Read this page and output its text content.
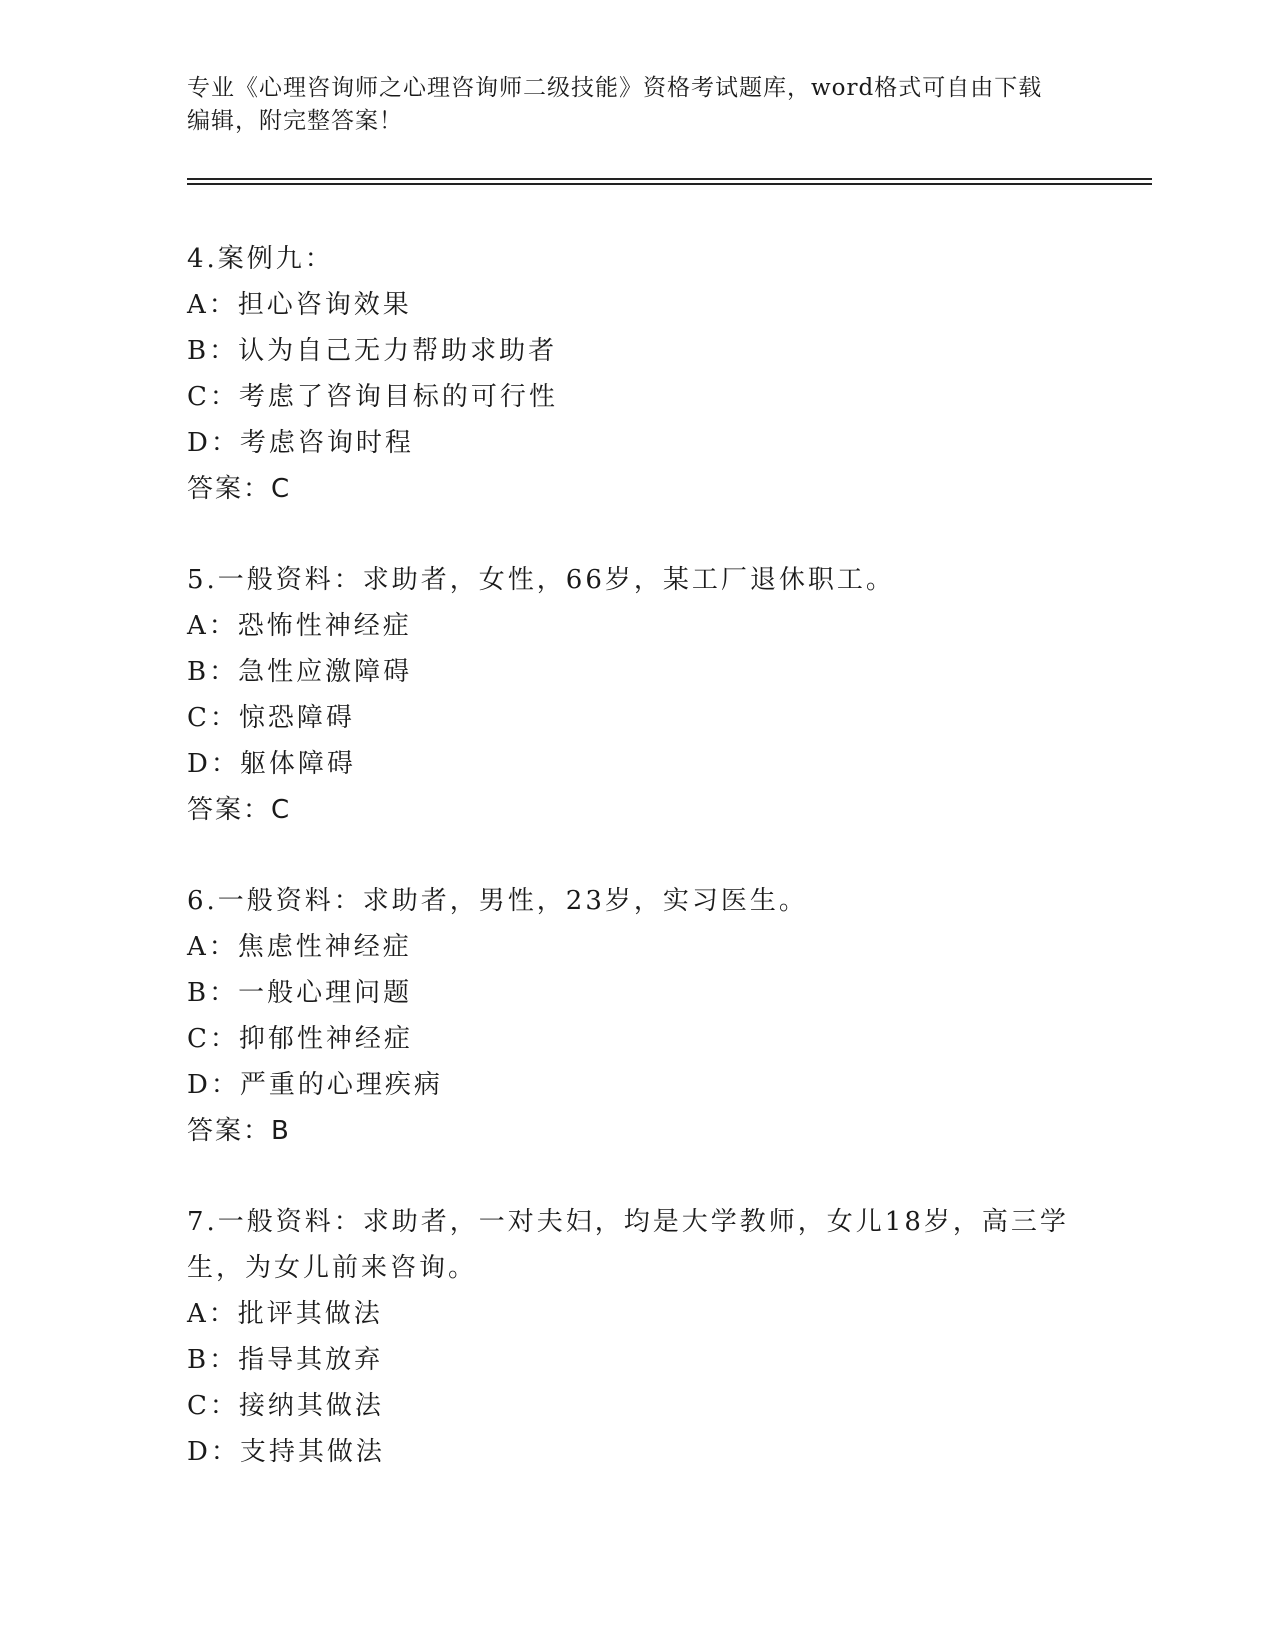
专业《心理咨询师之心理咨询师二级技能》资格考试题库，word格式可自由下载
编辑，附完整答案！

4.案例九：

A：担心咨询效果

B：认为自己无力帮助求助者

C：考虑了咨询目标的可行性

D：考虑咨询时程

答案：C

5.一般资料：求助者，女性，66岁，某工厂退休职工。

A：恐怖性神经症

B：急性应激障碍

C：惊恐障碍

D：躯体障碍

答案：C

6.一般资料：求助者，男性，23岁，实习医生。

A：焦虑性神经症

B：一般心理问题

C：抑郁性神经症

D：严重的心理疾病

答案：B

7.一般资料：求助者，一对夫妇，均是大学教师，女儿18岁，高三学

生，为女儿前来咨询。

A：批评其做法

B：指导其放弃

C：接纳其做法

D：支持其做法
